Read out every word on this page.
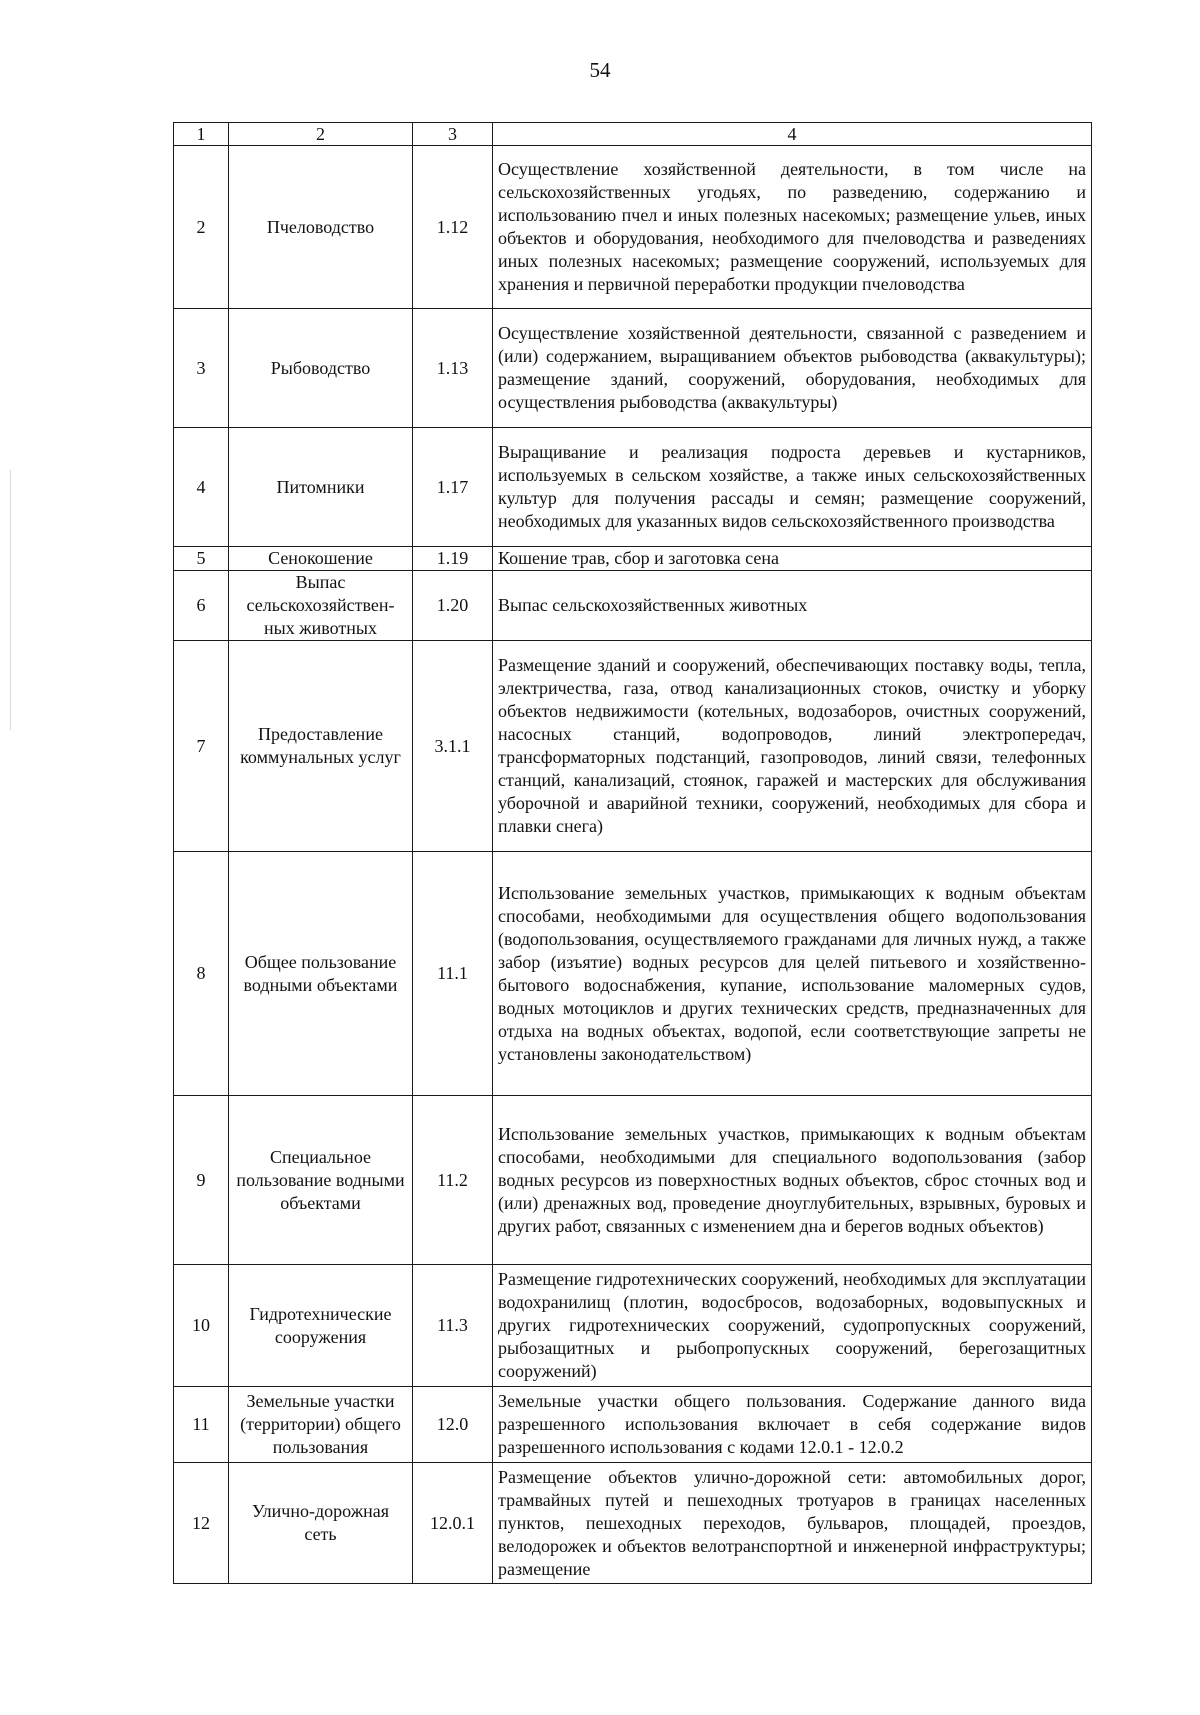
54
1	2	3	4
2	Пчеловодство	1.12	Осуществление хозяйственной деятельности, в том числе на сельскохозяйственных угодьях, по разведению, содержанию и использованию пчел и иных полезных насекомых; размещение ульев, иных объектов и оборудования, необходимого для пчеловодства и разведениях иных полезных насекомых; размещение сооружений, используемых для хранения и первичной переработки продукции пчеловодства
3	Рыбоводство	1.13	Осуществление хозяйственной деятельности, связанной с разведением и (или) содержанием, выращиванием объектов рыбоводства (аквакультуры); размещение зданий, сооружений, оборудования, необходимых для осуществления рыбоводства (аквакультуры)
4	Питомники	1.17	Выращивание и реализация подроста деревьев и кустарников, используемых в сельском хозяйстве, а также иных сельскохозяйственных культур для получения рассады и семян; размещение сооружений, необходимых для указанных видов сельскохозяйственного производства
5	Сенокошение	1.19	Кошение трав, сбор и заготовка сена
6	Выпас сельскохозяйствен-ных животных	1.20	Выпас сельскохозяйственных животных
7	Предоставление коммунальных услуг	3.1.1	Размещение зданий и сооружений, обеспечивающих поставку воды, тепла, электричества, газа, отвод канализационных стоков, очистку и уборку объектов недвижимости (котельных, водозаборов, очистных сооружений, насосных станций, водопроводов, линий электропередач, трансформаторных подстанций, газопроводов, линий связи, телефонных станций, канализаций, стоянок, гаражей и мастерских для обслуживания уборочной и аварийной техники, сооружений, необходимых для сбора и плавки снега)
8	Общее пользование водными объектами	11.1	Использование земельных участков, примыкающих к водным объектам способами, необходимыми для осуществления общего водопользования (водопользования, осуществляемого гражданами для личных нужд, а также забор (изъятие) водных ресурсов для целей питьевого и хозяйственно-бытового водоснабжения, купание, использование маломерных судов, водных мотоциклов и других технических средств, предназначенных для отдыха на водных объектах, водопой, если соответствующие запреты не установлены законодательством)
9	Специальное пользование водными объектами	11.2	Использование земельных участков, примыкающих к водным объектам способами, необходимыми для специального водопользования (забор водных ресурсов из поверхностных водных объектов, сброс сточных вод и (или) дренажных вод, проведение дноуглубительных, взрывных, буровых и других работ, связанных с изменением дна и берегов водных объектов)
10	Гидротехнические сооружения	11.3	Размещение гидротехнических сооружений, необходимых для эксплуатации водохранилищ (плотин, водосбросов, водозаборных, водовыпускных и других гидротехнических сооружений, судопропускных сооружений, рыбозащитных и рыбопропускных сооружений, берегозащитных сооружений)
11	Земельные участки (территории) общего пользования	12.0	Земельные участки общего пользования. Содержание данного вида разрешенного использования включает в себя содержание видов разрешенного использования с кодами 12.0.1 - 12.0.2
12	Улично-дорожная сеть	12.0.1	Размещение объектов улично-дорожной сети: автомобильных дорог, трамвайных путей и пешеходных тротуаров в границах населенных пунктов, пешеходных переходов, бульваров, площадей, проездов, велодорожек и объектов велотранспортной и инженерной инфраструктуры; размещение
